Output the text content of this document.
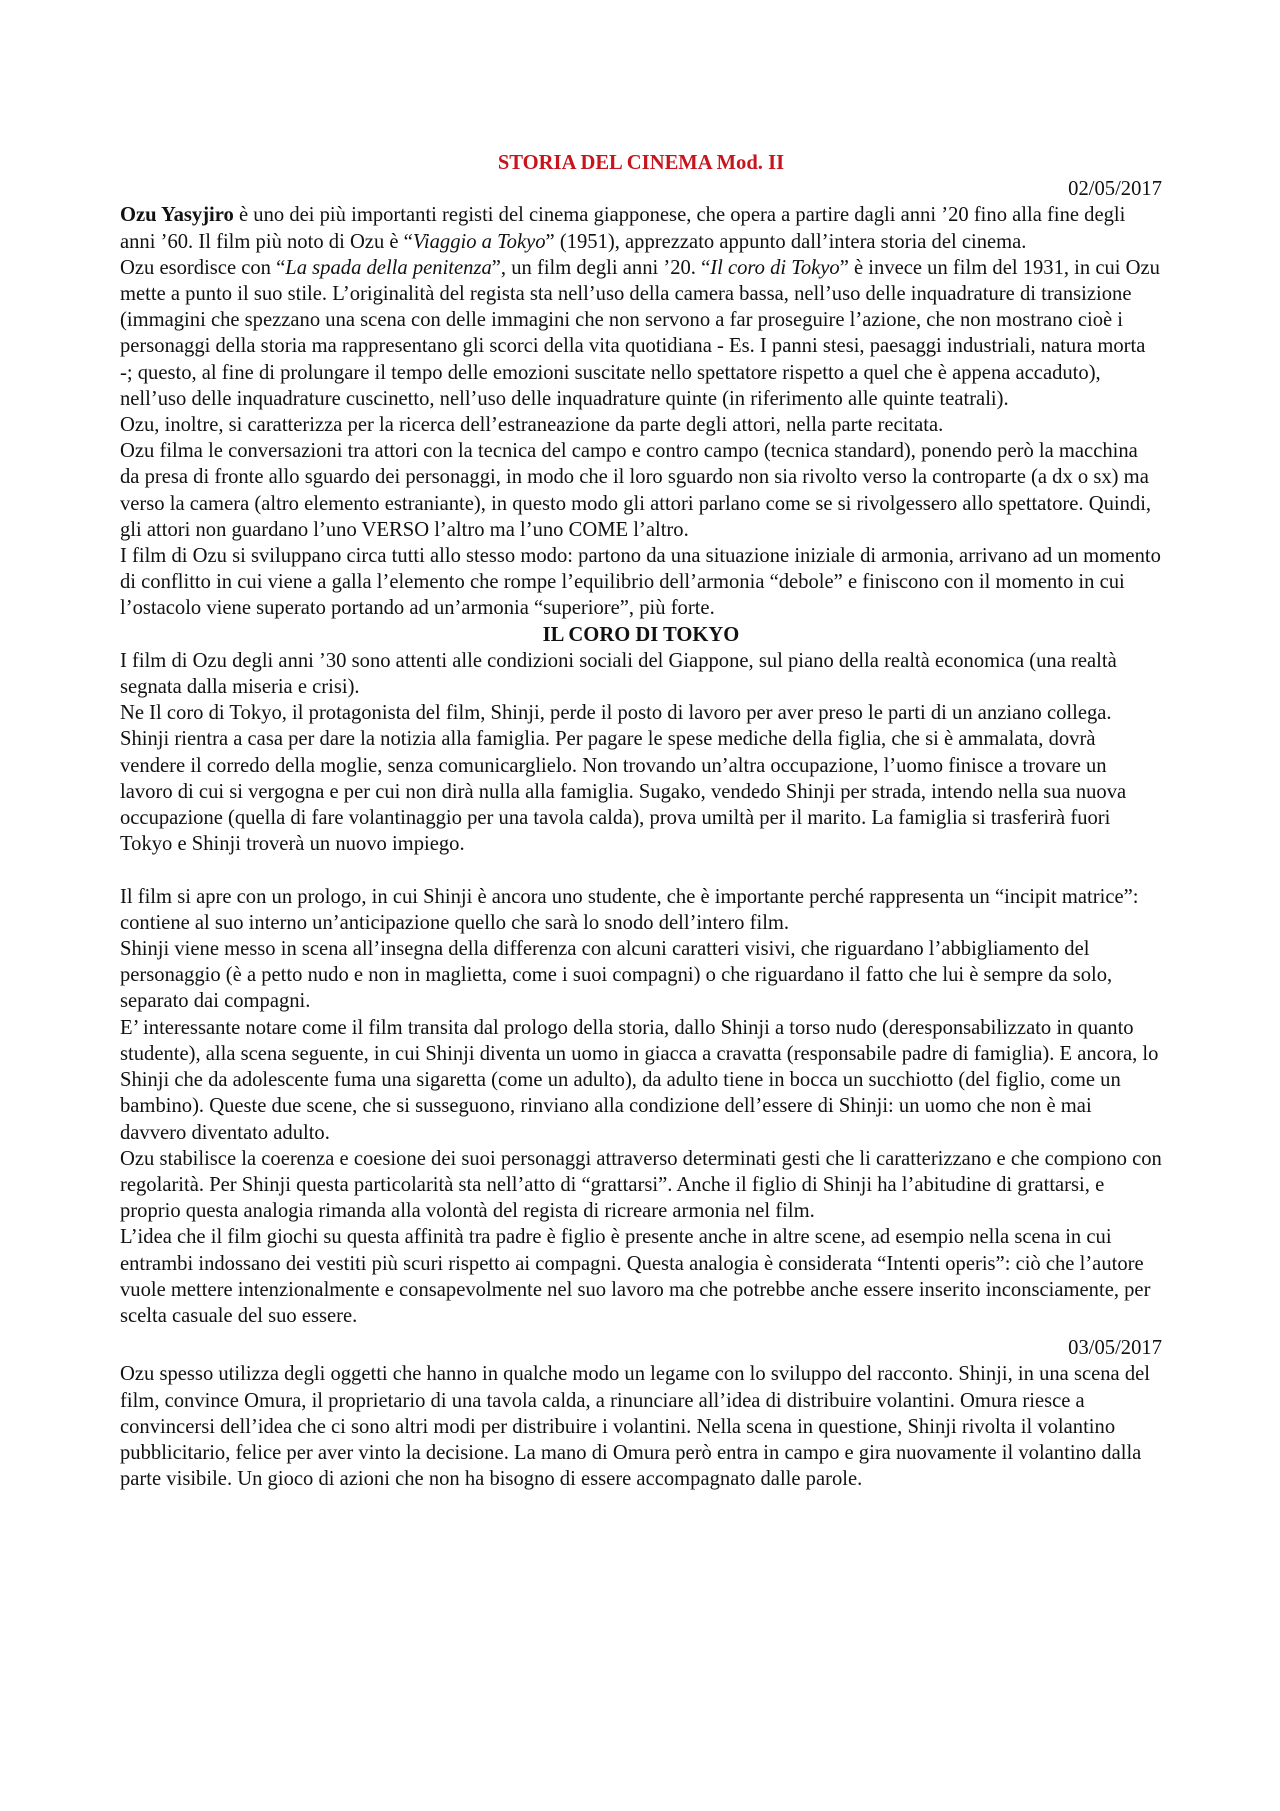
STORIA DEL CINEMA Mod. II

02/05/2017

Ozu Yasyjiro è uno dei più importanti registi del cinema giapponese, che opera a partire dagli anni ’20 fino alla fine degli anni ’60. Il film più noto di Ozu è “Viaggio a Tokyo” (1951), apprezzato appunto dall’intera storia del cinema.

Ozu esordisce con “La spada della penitenza”, un film degli anni ’20. “Il coro di Tokyo” è invece un film del 1931, in cui Ozu mette a punto il suo stile. L’originalità del regista sta nell’uso della camera bassa, nell’uso delle inquadrature di transizione (immagini che spezzano una scena con delle immagini che non servono a far proseguire l’azione, che non mostrano cioè i personaggi della storia ma rappresentano gli scorci della vita quotidiana - Es. I panni stesi, paesaggi industriali, natura morta -; questo, al fine di prolungare il tempo delle emozioni suscitate nello spettatore rispetto a quel che è appena accaduto), nell’uso delle inquadrature cuscinetto, nell’uso delle inquadrature quinte (in riferimento alle quinte teatrali).

Ozu, inoltre, si caratterizza per la ricerca dell’estraneazione da parte degli attori, nella parte recitata.

Ozu filma le conversazioni tra attori con la tecnica del campo e contro campo (tecnica standard), ponendo però la macchina da presa di fronte allo sguardo dei personaggi, in modo che il loro sguardo non sia rivolto verso la controparte (a dx o sx) ma verso la camera (altro elemento estraniante), in questo modo gli attori parlano come se si rivolgessero allo spettatore. Quindi, gli attori non guardano l’uno VERSO l’altro ma l’uno COME l’altro.

I film di Ozu si sviluppano circa tutti allo stesso modo: partono da una situazione iniziale di armonia, arrivano ad un momento di conflitto in cui viene a galla l’elemento che rompe l’equilibrio dell’armonia “debole” e finiscono con il momento in cui l’ostacolo viene superato portando ad un’armonia “superiore”, più forte.

IL CORO DI TOKYO

I film di Ozu degli anni ’30 sono attenti alle condizioni sociali del Giappone, sul piano della realtà economica (una realtà segnata dalla miseria e crisi).

Ne Il coro di Tokyo, il protagonista del film, Shinji, perde il posto di lavoro per aver preso le parti di un anziano collega. Shinji rientra a casa per dare la notizia alla famiglia. Per pagare le spese mediche della figlia, che si è ammalata, dovrà vendere il corredo della moglie, senza comunicarglielo. Non trovando un’altra occupazione, l’uomo finisce a trovare un lavoro di cui si vergogna e per cui non dirà nulla alla famiglia. Sugako, vendedo Shinji per strada, intendo nella sua nuova occupazione (quella di fare volantinaggio per una tavola calda), prova umiltà per il marito. La famiglia si trasferirà fuori Tokyo e Shinji troverà un nuovo impiego.

Il film si apre con un prologo, in cui Shinji è ancora uno studente, che è importante perché rappresenta un “incipit matrice”: contiene al suo interno un’anticipazione quello che sarà lo snodo dell’intero film.

Shinji viene messo in scena all’insegna della differenza con alcuni caratteri visivi, che riguardano l’abbigliamento del personaggio (è a petto nudo e non in maglietta, come i suoi compagni) o che riguardano il fatto che lui è sempre da solo, separato dai compagni.

E’ interessante notare come il film transita dal prologo della storia, dallo Shinji a torso nudo (deresponsabilizzato in quanto studente), alla scena seguente, in cui Shinji diventa un uomo in giacca a cravatta (responsabile padre di famiglia). E ancora, lo Shinji che da adolescente fuma una sigaretta (come un adulto), da adulto tiene in bocca un succhiotto (del figlio, come un bambino). Queste due scene, che si susseguono, rinviano alla condizione dell’essere di Shinji: un uomo che non è mai davvero diventato adulto.

Ozu stabilisce la coerenza e coesione dei suoi personaggi attraverso determinati gesti che li caratterizzano e che compiono con regolarità. Per Shinji questa particolarità sta nell’atto di “grattarsi”. Anche il figlio di Shinji ha l’abitudine di grattarsi, e proprio questa analogia rimanda alla volontà del regista di ricreare armonia nel film.

L’idea che il film giochi su questa affinità tra padre è figlio è presente anche in altre scene, ad esempio nella scena in cui entrambi indossano dei vestiti più scuri rispetto ai compagni. Questa analogia è considerata “Intenti operis”: ciò che l’autore vuole mettere intenzionalmente e consapevolmente nel suo lavoro ma che potrebbe anche essere inserito inconsciamente, per scelta casuale del suo essere.

03/05/2017

Ozu spesso utilizza degli oggetti che hanno in qualche modo un legame con lo sviluppo del racconto. Shinji, in una scena del film, convince Omura, il proprietario di una tavola calda, a rinunciare all’idea di distribuire volantini. Omura riesce a convincersi dell’idea che ci sono altri modi per distribuire i volantini. Nella scena in questione, Shinji rivolta il volantino pubblicitario, felice per aver vinto la decisione. La mano di Omura però entra in campo e gira nuovamente il volantino dalla parte visibile. Un gioco di azioni che non ha bisogno di essere accompagnato dalle parole.
